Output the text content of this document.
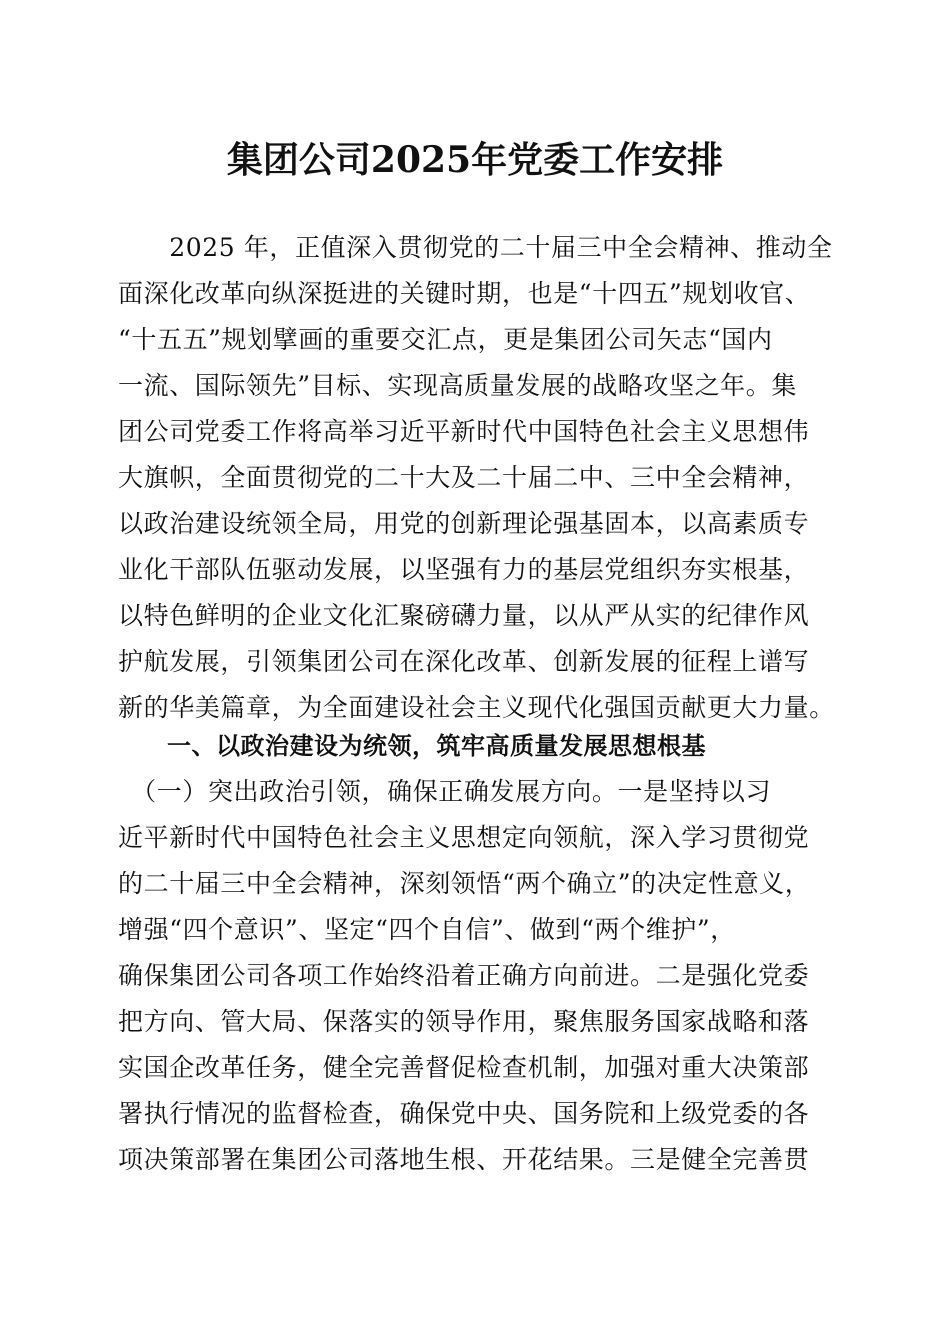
集团公司2025年党委工作安排
　　2025 年，正值深入贯彻党的二十届三中全会精神、推动全
面深化改革向纵深挺进的关键时期，也是“十四五”规划收官、
“十五五”规划擘画的重要交汇点，更是集团公司矢志“国内
一流、国际领先”目标、实现高质量发展的战略攻坚之年。集
团公司党委工作将高举习近平新时代中国特色社会主义思想伟
大旗帜，全面贯彻党的二十大及二十届二中、三中全会精神，
以政治建设统领全局，用党的创新理论强基固本，以高素质专
业化干部队伍驱动发展，以坚强有力的基层党组织夯实根基，
以特色鲜明的企业文化汇聚磅礴力量，以从严从实的纪律作风
护航发展，引领集团公司在深化改革、创新发展的征程上谱写
新的华美篇章，为全面建设社会主义现代化强国贡献更大力量。
　　一、以政治建设为统领，筑牢高质量发展思想根基
　（一）突出政治引领，确保正确发展方向。一是坚持以习
近平新时代中国特色社会主义思想定向领航，深入学习贯彻党
的二十届三中全会精神，深刻领悟“两个确立”的决定性意义，
增强“四个意识”、坚定“四个自信”、做到“两个维护”，
确保集团公司各项工作始终沿着正确方向前进。二是强化党委
把方向、管大局、保落实的领导作用，聚焦服务国家战略和落
实国企改革任务，健全完善督促检查机制，加强对重大决策部
署执行情况的监督检查，确保党中央、国务院和上级党委的各
项决策部署在集团公司落地生根、开花结果。三是健全完善贯
